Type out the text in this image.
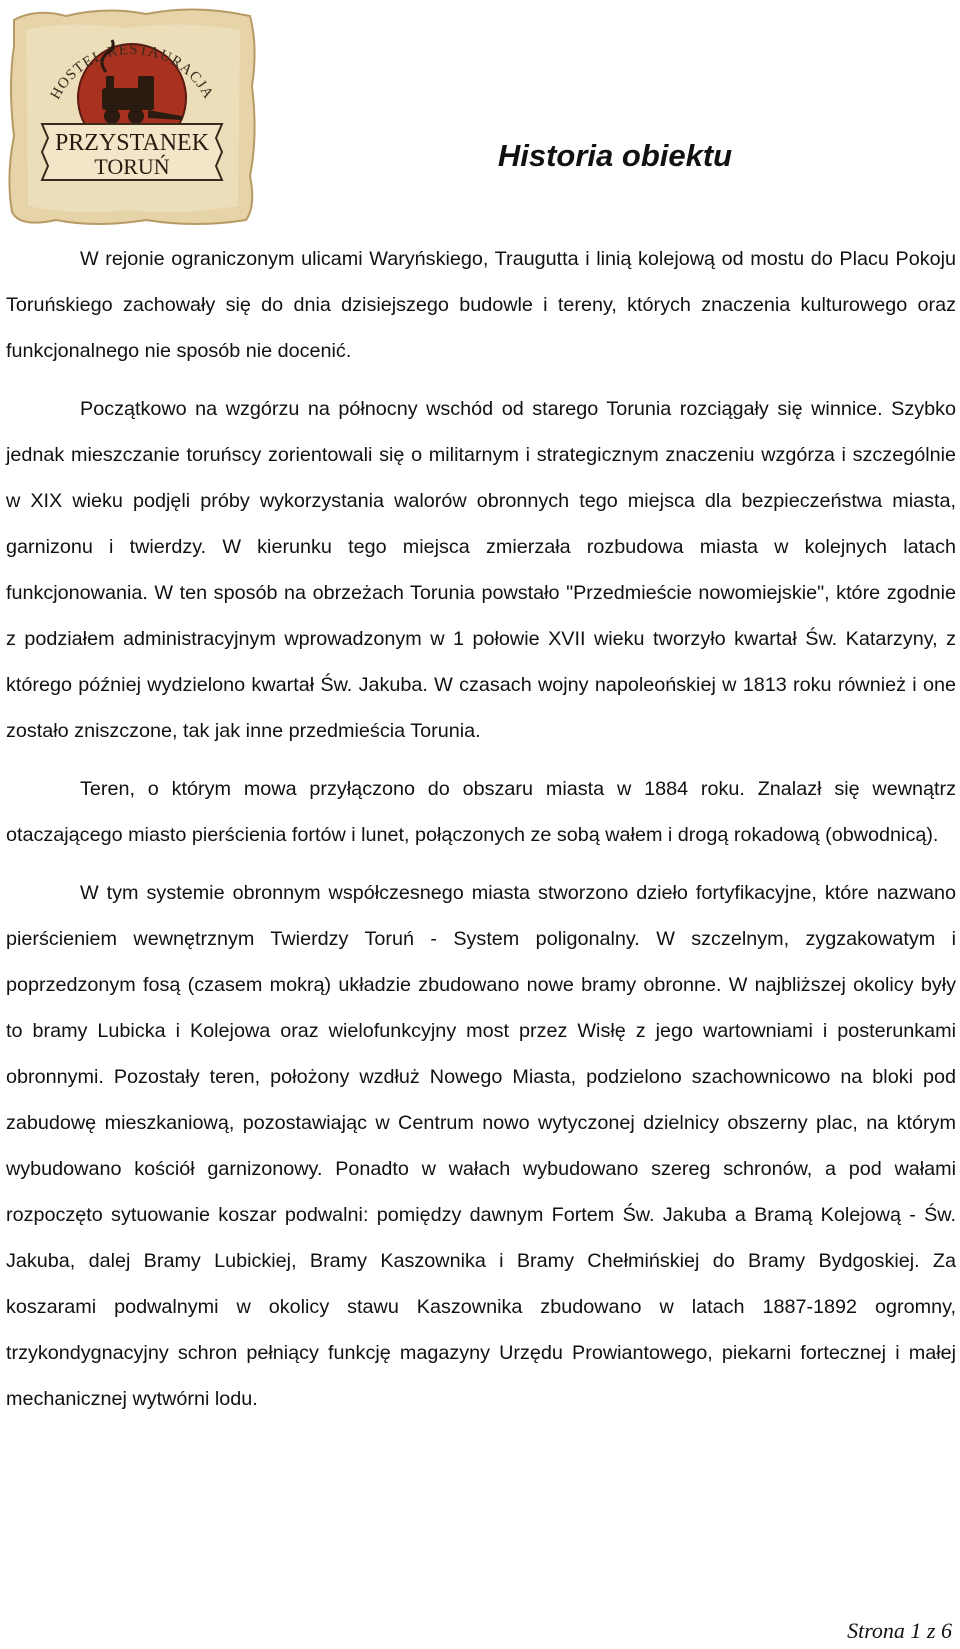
HOSTEL RESTAURACJA
PRZYSTANEK
TORUŃ	Historia obiektu

W rejonie ograniczonym ulicami Waryńskiego, Traugutta i linią kolejową od mostu do Placu Pokoju Toruńskiego zachowały się do dnia dzisiejszego budowle i tereny, których znaczenia kulturowego oraz funkcjonalnego nie sposób nie docenić.

Początkowo na wzgórzu na północny wschód od starego Torunia rozciągały się winnice. Szybko jednak mieszczanie toruńscy zorientowali się o militarnym i strategicznym znaczeniu wzgórza i szczególnie w XIX wieku podjęli próby wykorzystania walorów obronnych tego miejsca dla bezpieczeństwa miasta, garnizonu i twierdzy. W kierunku tego miejsca zmierzała rozbudowa miasta w kolejnych latach funkcjonowania. W ten sposób na obrzeżach Torunia powstało "Przedmieście nowomiejskie", które zgodnie z podziałem administracyjnym wprowadzonym w 1 połowie XVII wieku tworzyło kwartał Św. Katarzyny, z którego później wydzielono kwartał Św. Jakuba. W czasach wojny napoleońskiej w 1813 roku również i one zostało zniszczone, tak jak inne przedmieścia Torunia.

Teren, o którym mowa przyłączono do obszaru miasta w 1884 roku. Znalazł się wewnątrz otaczającego miasto pierścienia fortów i lunet, połączonych ze sobą wałem i drogą rokadową (obwodnicą).

W tym systemie obronnym współczesnego miasta stworzono dzieło fortyfikacyjne, które nazwano pierścieniem wewnętrznym Twierdzy Toruń - System poligonalny. W szczelnym, zygzakowatym i poprzedzonym fosą (czasem mokrą) układzie zbudowano nowe bramy obronne. W najbliższej okolicy były to bramy Lubicka i Kolejowa oraz wielofunkcyjny most przez Wisłę z jego wartowniami i posterunkami obronnymi. Pozostały teren, położony wzdłuż Nowego Miasta, podzielono szachownicowo na bloki pod zabudowę mieszkaniową, pozostawiając w Centrum nowo wytyczonej dzielnicy obszerny plac, na którym wybudowano kościół garnizonowy. Ponadto w wałach wybudowano szereg schronów, a pod wałami rozpoczęto sytuowanie koszar podwalni: pomiędzy dawnym Fortem Św. Jakuba a Bramą Kolejową - Św. Jakuba, dalej Bramy Lubickiej, Bramy Kaszownika i Bramy Chełmińskiej do Bramy Bydgoskiej. Za koszarami podwalnymi w okolicy stawu Kaszownika zbudowano w latach 1887-1892 ogromny, trzykondygnacyjny schron pełniący funkcję magazyny Urzędu Prowiantowego, piekarni fortecznej i małej mechanicznej wytwórni lodu.

Strona 1 z 6
